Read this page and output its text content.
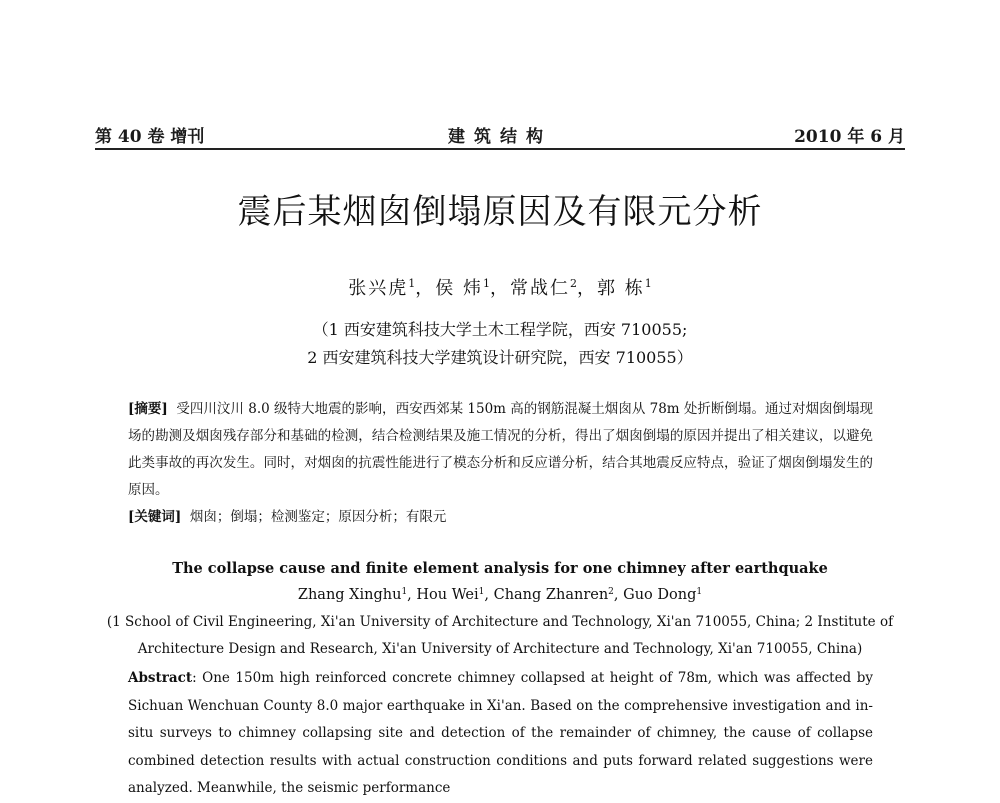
第 40 卷 增刊	建筑结构	2010 年 6 月
震后某烟囱倒塌原因及有限元分析
张兴虎$^1$，侯 炜$^1$，常战仁$^2$，郭 栋$^1$
（1 西安建筑科技大学土木工程学院，西安 710055;
2 西安建筑科技大学建筑设计研究院，西安 710055）
[摘要] 受四川汶川 8.0 级特大地震的影响，西安西郊某 150m 高的钢筋混凝土烟囱从 78m 处折断倒塌。通过对烟囱倒塌现场的勘测及烟囱残存部分和基础的检测，结合检测结果及施工情况的分析，得出了烟囱倒塌的原因并提出了相关建议，以避免此类事故的再次发生。同时，对烟囱的抗震性能进行了模态分析和反应谱分析，结合其地震反应特点，验证了烟囱倒塌发生的原因。
[关键词] 烟囱；倒塌；检测鉴定；原因分析；有限元
The collapse cause and finite element analysis for one chimney after earthquake
Zhang Xinghu$^1$, Hou Wei$^1$, Chang Zhanren$^2$, Guo Dong$^1$
(1 School of Civil Engineering, Xi'an University of Architecture and Technology, Xi'an 710055, China; 2 Institute of
Architecture Design and Research, Xi'an University of Architecture and Technology, Xi'an 710055, China)
Abstract: One 150m high reinforced concrete chimney collapsed at height of 78m, which was affected by Sichuan Wenchuan County 8.0 major earthquake in Xi'an. Based on the comprehensive investigation and in-situ surveys to chimney collapsing site and detection of the remainder of chimney, the cause of collapse combined detection results with actual construction conditions and puts forward related suggestions were analyzed. Meanwhile, the seismic performance
